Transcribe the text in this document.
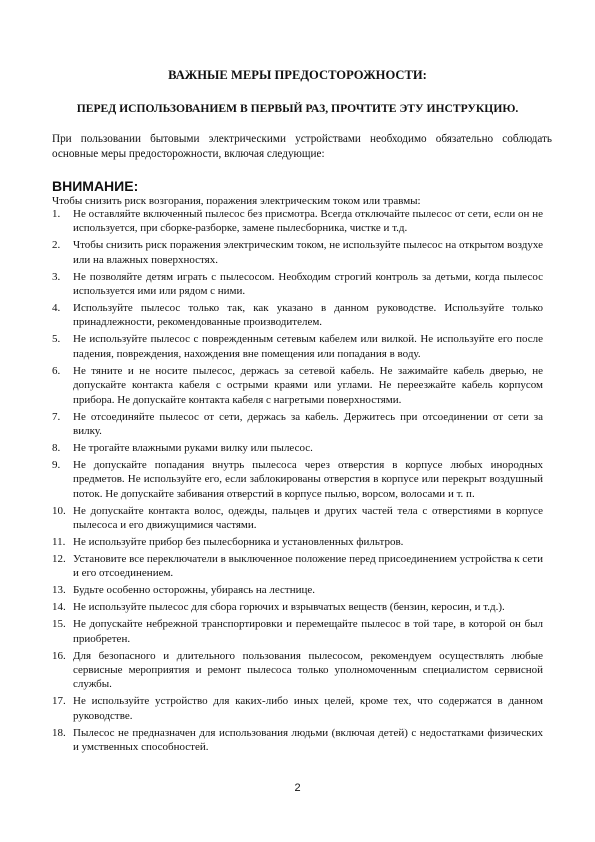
ВАЖНЫЕ МЕРЫ ПРЕДОСТОРОЖНОСТИ:
ПЕРЕД ИСПОЛЬЗОВАНИЕМ В ПЕРВЫЙ РАЗ, ПРОЧТИТЕ ЭТУ ИНСТРУКЦИЮ.
При пользовании бытовыми электрическими устройствами необходимо обязательно соблюдать основные меры предосторожности, включая следующие:
ВНИМАНИЕ:
Чтобы снизить риск возгорания, поражения электрическим током или травмы:
1. Не оставляйте включенный пылесос без присмотра. Всегда отключайте пылесос от сети, если он не используется, при сборке-разборке, замене пылесборника, чистке и т.д.
2. Чтобы снизить риск поражения электрическим током, не используйте пылесос на открытом воздухе или на влажных поверхностях.
3. Не позволяйте детям играть с пылесосом. Необходим строгий контроль за детьми, когда пылесос используется ими или рядом с ними.
4. Используйте пылесос только так, как указано в данном руководстве. Используйте только принадлежности, рекомендованные производителем.
5. Не используйте пылесос с поврежденным сетевым кабелем или вилкой. Не используйте его после падения, повреждения, нахождения вне помещения или попадания в воду.
6. Не тяните и не носите пылесос, держась за сетевой кабель. Не зажимайте кабель дверью, не допускайте контакта кабеля с острыми краями или углами. Не переезжайте кабель корпусом прибора. Не допускайте контакта кабеля с нагретыми поверхностями.
7. Не отсоединяйте пылесос от сети, держась за кабель. Держитесь при отсоединении от сети за вилку.
8. Не трогайте влажными руками вилку или пылесос.
9. Не допускайте попадания внутрь пылесоса через отверстия в корпусе любых инородных предметов. Не используйте его, если заблокированы отверстия в корпусе или перекрыт воздушный поток. Не допускайте забивания отверстий в корпусе пылью, ворсом, волосами и т. п.
10. Не допускайте контакта волос, одежды, пальцев и других частей тела с отверстиями в корпусе пылесоса и его движущимися частями.
11. Не используйте прибор без пылесборника и установленных фильтров.
12. Установите все переключатели в выключенное положение перед присоединением устройства к сети и его отсоединением.
13. Будьте особенно осторожны, убираясь на лестнице.
14. Не используйте пылесос для сбора горючих и взрывчатых веществ (бензин, керосин, и т.д.).
15. Не допускайте небрежной транспортировки и перемещайте пылесос в той таре, в которой он был приобретен.
16. Для безопасного и длительного пользования пылесосом, рекомендуем осуществлять любые сервисные мероприятия и ремонт пылесоса только уполномоченным специалистом сервисной службы.
17. Не используйте устройство для каких-либо иных целей, кроме тех, что содержатся в данном руководстве.
18. Пылесос не предназначен для использования людьми (включая детей) с недостатками физических и умственных способностей.
2
